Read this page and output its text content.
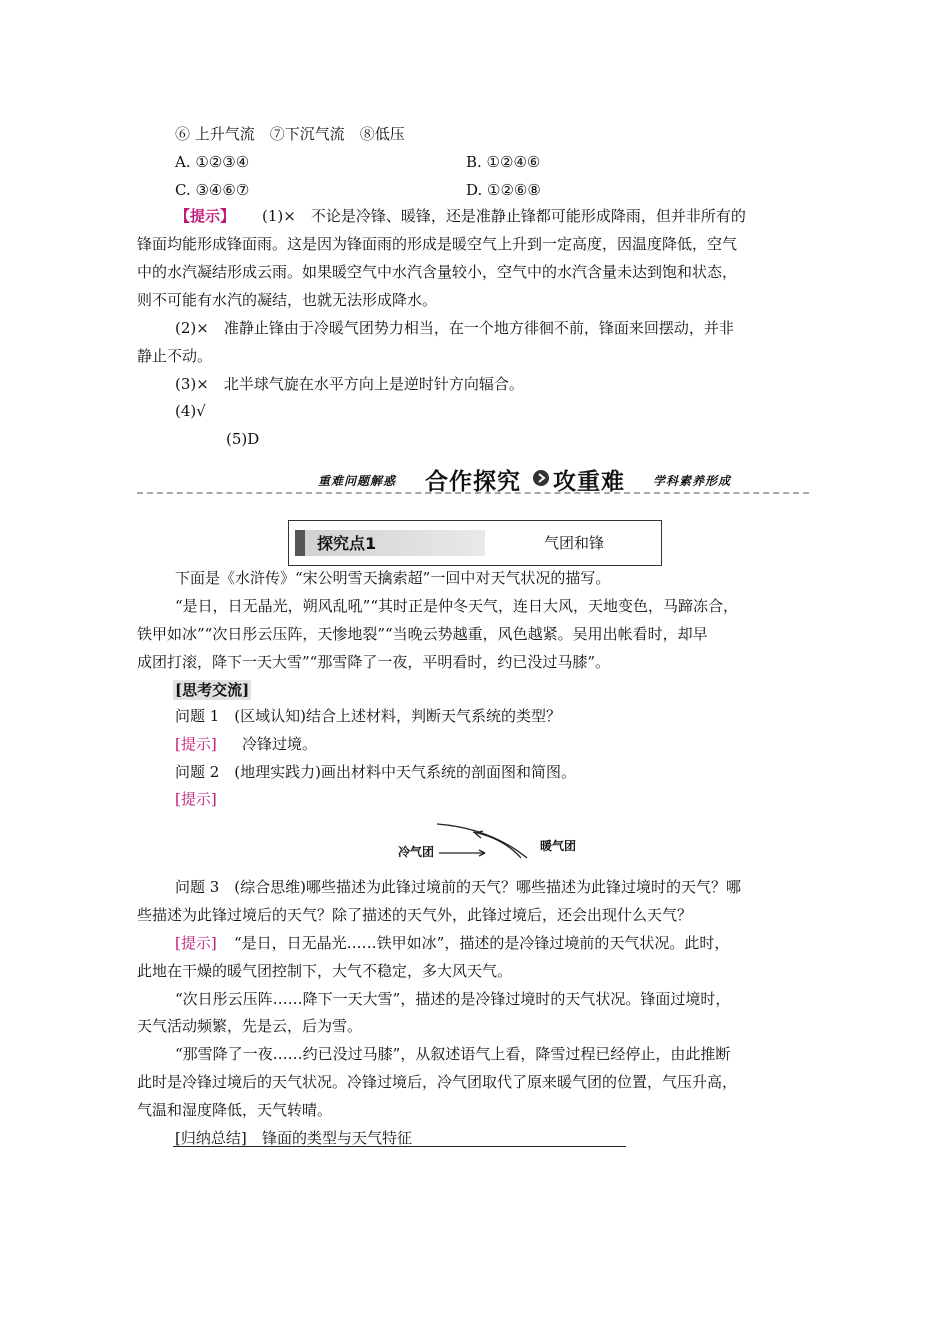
⑥ 上升气流　⑦下沉气流　⑧低压
A. ①②③④	B. ①②④⑥
C. ③④⑥⑦	D. ①②⑥⑧
【提示】 (1)×　不论是冷锋、暖锋，还是准静止锋都可能形成降雨，但并非所有的
锋面均能形成锋面雨。这是因为锋面雨的形成是暖空气上升到一定高度，因温度降低，空气
中的水汽凝结形成云雨。如果暖空气中水汽含量较小，空气中的水汽含量未达到饱和状态，
则不可能有水汽的凝结，也就无法形成降水。
(2)×　准静止锋由于冷暖气团势力相当，在一个地方徘徊不前，锋面来回摆动，并非
静止不动。
(3)×　北半球气旋在水平方向上是逆时针方向辐合。
(4)√
(5)D
重难问题解惑 合作探究 攻重难 学科素养形成
探究点1	气团和锋
下面是《水浒传》“宋公明雪天擒索超”一回中对天气状况的描写。
“是日，日无晶光，朔风乱吼”“其时正是仲冬天气，连日大风，天地变色，马蹄冻合，
铁甲如冰”“次日彤云压阵，天惨地裂”“当晚云势越重，风色越紧。吴用出帐看时，却早
成团打滚，降下一天大雪”“那雪降了一夜，平明看时，约已没过马膝”。
[思考交流]
问题 1　(区域认知)结合上述材料，判断天气系统的类型？
[提示] 冷锋过境。
问题 2　(地理实践力)画出材料中天气系统的剖面图和简图。
[提示]
冷气团	暖气团
问题 3　(综合思维)哪些描述为此锋过境前的天气？哪些描述为此锋过境时的天气？哪
些描述为此锋过境后的天气？除了描述的天气外，此锋过境后，还会出现什么天气？
[提示] “是日，日无晶光……铁甲如冰”，描述的是冷锋过境前的天气状况。此时，
此地在干燥的暖气团控制下，大气不稳定，多大风天气。
“次日彤云压阵……降下一天大雪”，描述的是冷锋过境时的天气状况。锋面过境时，
天气活动频繁，先是云，后为雪。
“那雪降了一夜……约已没过马膝”，从叙述语气上看，降雪过程已经停止，由此推断
此时是冷锋过境后的天气状况。冷锋过境后，冷气团取代了原来暖气团的位置，气压升高，
气温和湿度降低，天气转晴。
[归纳总结] 锋面的类型与天气特征
